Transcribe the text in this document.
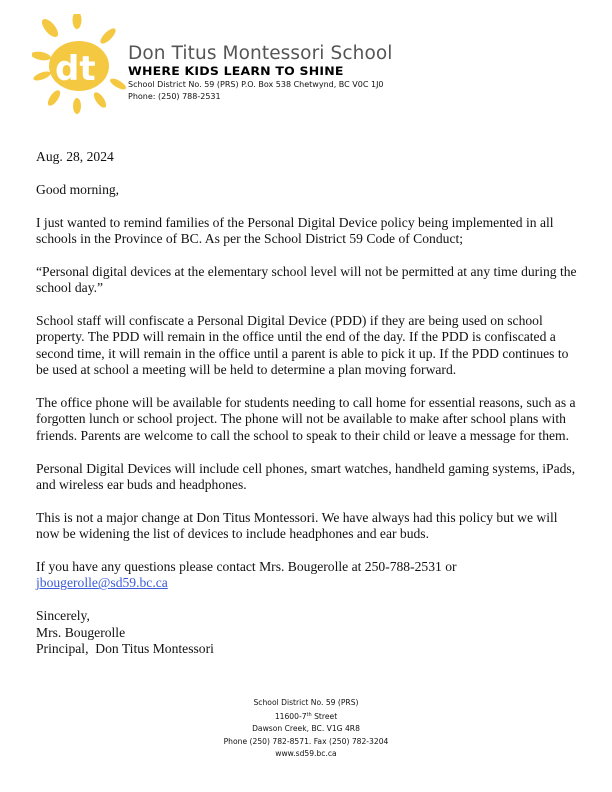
dt Don Titus Montessori School
WHERE KIDS LEARN TO SHINE
School District No. 59 (PRS) P.O. Box 538 Chetwynd, BC V0C 1J0
Phone: (250) 788-2531

Aug. 28, 2024

Good morning,

I just wanted to remind families of the Personal Digital Device policy being implemented in all schools in the Province of BC. As per the School District 59 Code of Conduct;

“Personal digital devices at the elementary school level will not be permitted at any time during the school day.”

School staff will confiscate a Personal Digital Device (PDD) if they are being used on school property. The PDD will remain in the office until the end of the day. If the PDD is confiscated a second time, it will remain in the office until a parent is able to pick it up. If the PDD continues to be used at school a meeting will be held to determine a plan moving forward.

The office phone will be available for students needing to call home for essential reasons, such as a forgotten lunch or school project. The phone will not be available to make after school plans with friends. Parents are welcome to call the school to speak to their child or leave a message for them.

Personal Digital Devices will include cell phones, smart watches, handheld gaming systems, iPads, and wireless ear buds and headphones.

This is not a major change at Don Titus Montessori. We have always had this policy but we will now be widening the list of devices to include headphones and ear buds.

If you have any questions please contact Mrs. Bougerolle at 250-788-2531 or
jbougerolle@sd59.bc.ca

Sincerely,
Mrs. Bougerolle
Principal,  Don Titus Montessori

School District No. 59 (PRS)
11600-7th Street
Dawson Creek, BC. V1G 4R8
Phone (250) 782-8571. Fax (250) 782-3204
www.sd59.bc.ca
